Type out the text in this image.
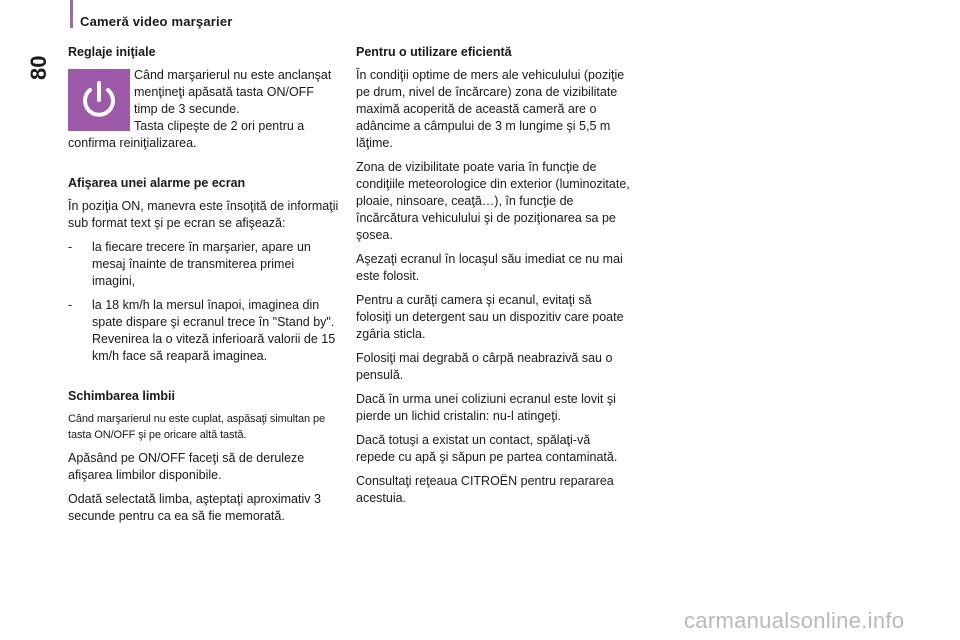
Cameră video marşarier
80
Reglaje iniţiale

Când marşarierul nu este anclanşat menţineţi apăsată tasta ON/OFF timp de 3 secunde.

Tasta clipeşte de 2 ori pentru a

confirma reiniţializarea.

Afişarea unei alarme pe ecran

În poziţia ON, manevra este însoţită de informaţii sub format text şi pe ecran se afişează:

-	la fiecare trecere în marşarier, apare un mesaj înainte de transmiterea primei imagini,
-	la 18 km/h la mersul înapoi, imaginea din spate dispare şi ecranul trece în "Stand by". Revenirea la o viteză inferioară valorii de 15 km/h face să reapară imaginea.
Schimbarea limbii

Când marşarierul nu este cuplat, aspăsaţi simultan pe tasta ON/OFF şi pe oricare altă tastă.

Apăsând pe ON/OFF faceţi să de deruleze afişarea limbilor disponibile.

Odată selectată limba, aşteptaţi aproximativ 3 secunde pentru ca ea să fie memorată.

Pentru o utilizare eficientă

În condiţii optime de mers ale vehiculului (poziţie pe drum, nivel de încărcare) zona de vizibilitate maximă acoperită de această cameră are o adâncime a câmpului de 3 m lungime şi 5,5 m lăţime.

Zona de vizibilitate poate varia în funcţie de condiţiile meteorologice din exterior (luminozitate, ploaie, ninsoare, ceaţă…), în funcţie de încărcătura vehiculului şi de poziţionarea sa pe şosea.

Aşezaţi ecranul în locaşul său imediat ce nu mai este folosit.

Pentru a curăţi camera şi ecanul, evitaţi să folosiţi un detergent sau un dispozitiv care poate zgâria sticla.

Folosiţi mai degrabă o cârpă neabrazivă sau o pensulă.

Dacă în urma unei coliziuni ecranul este lovit şi pierde un lichid cristalin: nu-l atingeţi.

Dacă totuşi a existat un contact, spălaţi-vă repede cu apă şi săpun pe partea contaminată.

Consultaţi reţeaua CITROËN pentru repararea acestuia.

carmanualsonline.info
